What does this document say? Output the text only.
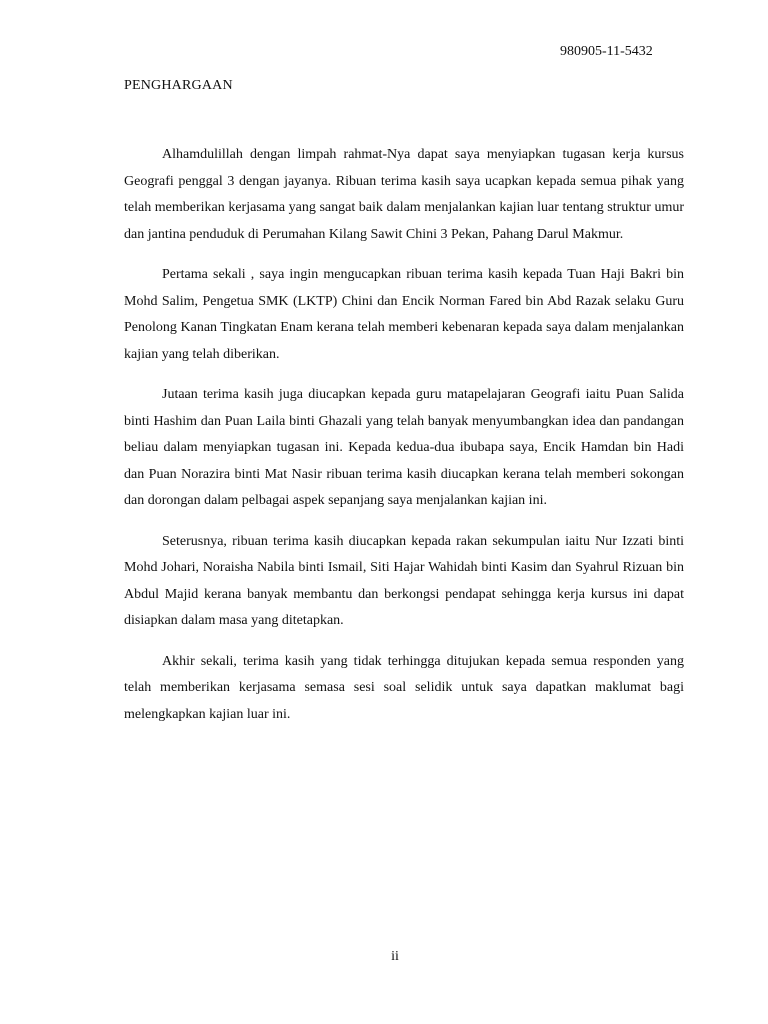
980905-11-5432
PENGHARGAAN

Alhamdulillah dengan limpah rahmat-Nya dapat saya menyiapkan tugasan kerja kursus Geografi penggal 3 dengan jayanya. Ribuan terima kasih saya ucapkan kepada semua pihak yang telah memberikan kerjasama yang sangat baik dalam menjalankan kajian luar tentang struktur umur dan jantina penduduk di Perumahan Kilang Sawit Chini 3 Pekan, Pahang Darul Makmur.

Pertama sekali , saya ingin mengucapkan ribuan terima kasih kepada Tuan Haji Bakri bin Mohd Salim, Pengetua SMK (LKTP) Chini dan Encik Norman Fared bin Abd Razak selaku Guru Penolong Kanan Tingkatan Enam kerana telah memberi kebenaran kepada saya dalam menjalankan kajian yang telah diberikan.

Jutaan terima kasih juga diucapkan kepada guru matapelajaran Geografi iaitu Puan Salida binti Hashim dan Puan Laila binti Ghazali yang telah banyak menyumbangkan idea dan pandangan beliau dalam menyiapkan tugasan ini. Kepada kedua-dua ibubapa saya, Encik Hamdan bin Hadi dan Puan Norazira binti Mat Nasir ribuan terima kasih diucapkan kerana telah memberi sokongan dan dorongan dalam pelbagai aspek sepanjang saya menjalankan kajian ini.

Seterusnya, ribuan terima kasih diucapkan kepada rakan sekumpulan iaitu Nur Izzati binti Mohd Johari, Noraisha Nabila binti Ismail, Siti Hajar Wahidah binti Kasim dan Syahrul Rizuan bin Abdul Majid kerana banyak membantu dan berkongsi pendapat sehingga kerja kursus ini dapat disiapkan dalam masa yang ditetapkan.

Akhir sekali, terima kasih yang tidak terhingga ditujukan kepada semua responden yang telah memberikan kerjasama semasa sesi soal selidik untuk saya dapatkan maklumat bagi melengkapkan kajian luar ini.

ii
